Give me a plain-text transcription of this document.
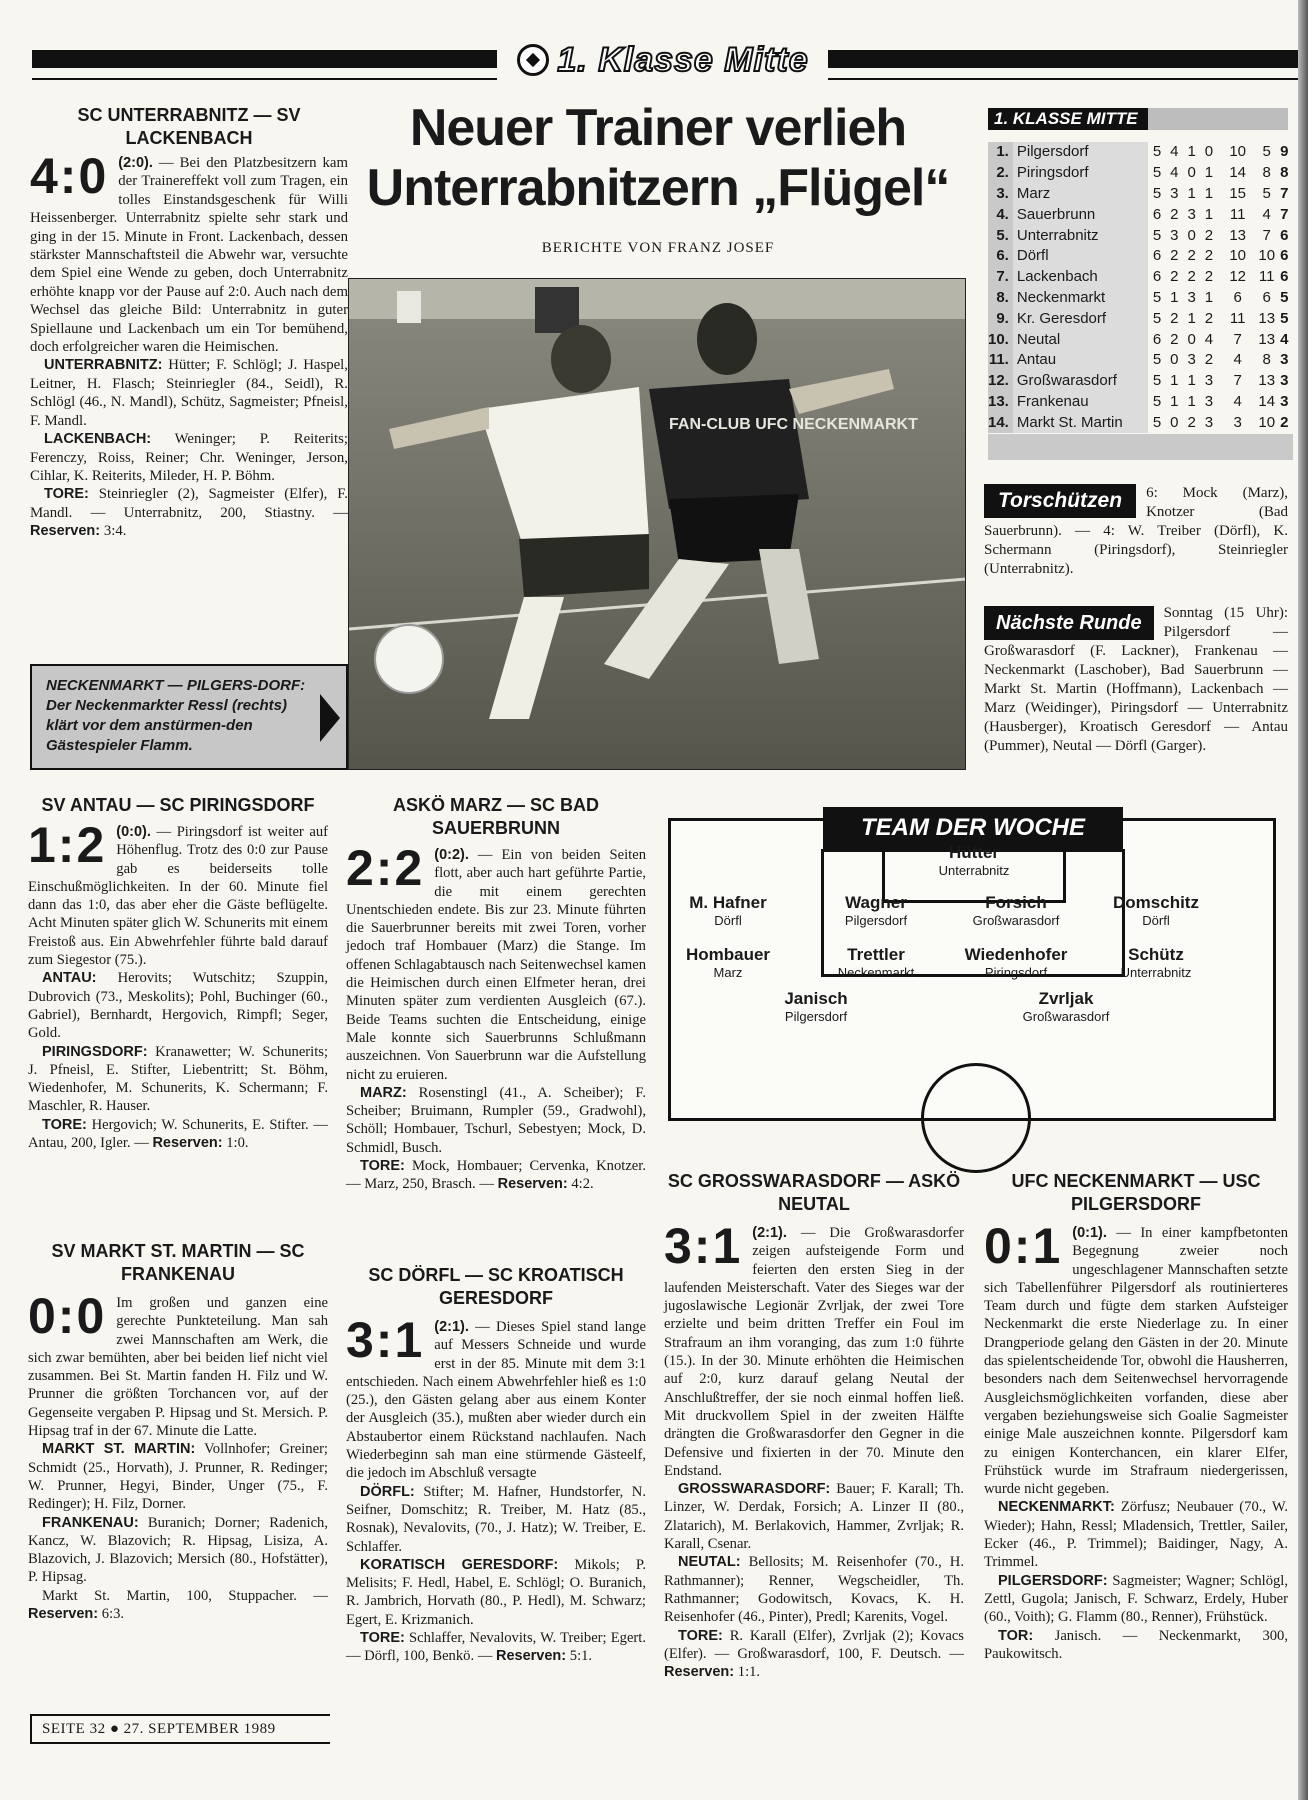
1. Klasse Mitte
SC UNTERRABNITZ — SV LACKENBACH

4:0 (2:0). — Bei den Platzbesitzern kam der Trainereffekt voll zum Tragen, ein tolles Einstandsgeschenk für Willi Heissenberger. Unterrabnitz spielte sehr stark und ging in der 15. Minute in Front. Lackenbach, dessen stärkster Mannschaftsteil die Abwehr war, versuchte dem Spiel eine Wende zu geben, doch Unterrabnitz erhöhte knapp vor der Pause auf 2:0. Auch nach dem Wechsel das gleiche Bild: Unterrabnitz in guter Spiellaune und Lackenbach um ein Tor bemühend, doch erfolgreicher waren die Heimischen.

UNTERRABNITZ: Hütter; F. Schlögl; J. Haspel, Leitner, H. Flasch; Steinriegler (84., Seidl), R. Schlögl (46., N. Mandl), Schütz, Sagmeister; Pfneisl, F. Mandl.

LACKENBACH: Weninger; P. Reiterits; Ferenczy, Roiss, Reiner; Chr. Weninger, Jerson, Cihlar, K. Reiterits, Mileder, H. P. Böhm.

TORE: Steinriegler (2), Sagmeister (Elfer), F. Mandl. — Unterrabnitz, 200, Stiastny. — Reserven: 3:4.

Neuer Trainer verlieh
Unterrabnitzern „Flügel“
BERICHTE VON FRANZ JOSEF
FAN-CLUB UFC NECKENMARKT
NECKENMARKT — PILGERS-DORF: Der Neckenmarkter Ressl (rechts) klärt vor dem anstürmen-den Gästespieler Flamm.
1. KLASSE MITTE
1.	Pilgersdorf	5	4	1	0	10	5	9
2.	Piringsdorf	5	4	0	1	14	8	8
3.	Marz	5	3	1	1	15	5	7
4.	Sauerbrunn	6	2	3	1	11	4	7
5.	Unterrabnitz	5	3	0	2	13	7	6
6.	Dörfl	6	2	2	2	10	10	6
7.	Lackenbach	6	2	2	2	12	11	6
8.	Neckenmarkt	5	1	3	1	6	6	5
9.	Kr. Geresdorf	5	2	1	2	11	13	5
10.	Neutal	6	2	0	4	7	13	4
11.	Antau	5	0	3	2	4	8	3
12.	Großwarasdorf	5	1	1	3	7	13	3
13.	Frankenau	5	1	1	3	4	14	3
14.	Markt St. Martin	5	0	2	3	3	10	2
Torschützen	6: Mock (Marz), Knotzer (Bad Sauerbrunn). — 4: W. Treiber (Dörfl), K. Schermann (Piringsdorf), Steinriegler (Unterrabnitz).
Nächste Runde	Sonntag (15 Uhr): Pilgersdorf — Großwarasdorf (F. Lackner), Frankenau — Neckenmarkt (Laschober), Bad Sauerbrunn — Markt St. Martin (Hoffmann), Lackenbach — Marz (Weidinger), Piringsdorf — Unterrabnitz (Hausberger), Kroatisch Geresdorf — Antau (Pummer), Neutal — Dörfl (Garger).
SV ANTAU — SC PIRINGSDORF

1:2 (0:0). — Piringsdorf ist weiter auf Höhenflug. Trotz des 0:0 zur Pause gab es beiderseits tolle Einschußmöglichkeiten. In der 60. Minute fiel dann das 1:0, das aber eher die Gäste beflügelte. Acht Minuten später glich W. Schunerits mit einem Freistoß aus. Ein Abwehrfehler führte bald darauf zum Siegestor (75.).

ANTAU: Herovits; Wutschitz; Szuppin, Dubrovich (73., Meskolits); Pohl, Buchinger (60., Gabriel), Bernhardt, Hergovich, Rimpfl; Seger, Gold.

PIRINGSDORF: Kranawetter; W. Schunerits; J. Pfneisl, E. Stifter, Liebentritt; St. Böhm, Wiedenhofer, M. Schunerits, K. Schermann; F. Maschler, R. Hauser.

TORE: Hergovich; W. Schunerits, E. Stifter. — Antau, 200, Igler. — Reserven: 1:0.

SV MARKT ST. MARTIN — SC FRANKENAU

0:0 Im großen und ganzen eine gerechte Punkteteilung. Man sah zwei Mannschaften am Werk, die sich zwar bemühten, aber bei beiden lief nicht viel zusammen. Bei St. Martin fanden H. Filz und W. Prunner die größten Torchancen vor, auf der Gegenseite vergaben P. Hipsag und St. Mersich. P. Hipsag traf in der 67. Minute die Latte.

MARKT ST. MARTIN: Vollnhofer; Greiner; Schmidt (25., Horvath), J. Prunner, R. Redinger; W. Prunner, Hegyi, Binder, Unger (75., F. Redinger); H. Filz, Dorner.

FRANKENAU: Buranich; Dorner; Radenich, Kancz, W. Blazovich; R. Hipsag, Lisiza, A. Blazovich, J. Blazovich; Mersich (80., Hofstätter), P. Hipsag.

Markt St. Martin, 100, Stuppacher. — Reserven: 6:3.

ASKÖ MARZ — SC BAD SAUERBRUNN

2:2 (0:2). — Ein von beiden Seiten flott, aber auch hart geführte Partie, die mit einem gerechten Unentschieden endete. Bis zur 23. Minute führten die Sauerbrunner bereits mit zwei Toren, vorher jedoch traf Hombauer (Marz) die Stange. Im offenen Schlagabtausch nach Seitenwechsel kamen die Heimischen durch einen Elfmeter heran, drei Minuten später zum verdienten Ausgleich (67.). Beide Teams suchten die Entscheidung, einige Male konnte sich Sauerbrunns Schlußmann auszeichnen. Von Sauerbrunn war die Aufstellung nicht zu eruieren.

MARZ: Rosenstingl (41., A. Scheiber); F. Scheiber; Bruimann, Rumpler (59., Gradwohl), Schöll; Hombauer, Tschurl, Sebestyen; Mock, D. Schmidl, Busch.

TORE: Mock, Hombauer; Cervenka, Knotzer. — Marz, 250, Brasch. — Reserven: 4:2.

SC DÖRFL — SC KROATISCH GERESDORF

3:1 (2:1). — Dieses Spiel stand lange auf Messers Schneide und wurde erst in der 85. Minute mit dem 3:1 entschieden. Nach einem Abwehrfehler hieß es 1:0 (25.), den Gästen gelang aber aus einem Konter der Ausgleich (35.), mußten aber wieder durch ein Abstaubertor einem Rückstand nachlaufen. Nach Wiederbeginn sah man eine stürmende Gästeelf, die jedoch im Abschluß versagte

DÖRFL: Stifter; M. Hafner, Hundstorfer, N. Seifner, Domschitz; R. Treiber, M. Hatz (85., Rosnak), Nevalovits, (70., J. Hatz); W. Treiber, E. Schlaffer.

KORATISCH GERESDORF: Mikols; P. Melisits; F. Hedl, Habel, E. Schlögl; O. Buranich, R. Jambrich, Horvath (80., P. Hedl), M. Schwarz; Egert, E. Krizmanich.

TORE: Schlaffer, Nevalovits, W. Treiber; Egert. — Dörfl, 100, Benkö. — Reserven: 5:1.

TEAM DER WOCHE
Hütter
Unterrabnitz
M. Hafner
Dörfl
Wagner
Pilgersdorf
Forsich
Großwarasdorf
Domschitz
Dörfl
Hombauer
Marz
Trettler
Neckenmarkt
Wiedenhofer
Piringsdorf
Schütz
Unterrabnitz
Janisch
Pilgersdorf
Zvrljak
Großwarasdorf
SC GROSSWARASDORF — ASKÖ NEUTAL

3:1 (2:1). — Die Großwarasdorfer zeigen aufsteigende Form und feierten den ersten Sieg in der laufenden Meisterschaft. Vater des Sieges war der jugoslawische Legionär Zvrljak, der zwei Tore erzielte und beim dritten Treffer ein Foul im Strafraum an ihm voranging, das zum 1:0 führte (15.). In der 30. Minute erhöhten die Heimischen auf 2:0, kurz darauf gelang Neutal der Anschlußtreffer, der sie noch einmal hoffen ließ. Mit druckvollem Spiel in der zweiten Hälfte drängten die Großwarasdorfer den Gegner in die Defensive und fixierten in der 70. Minute den Endstand.

GROSSWARASDORF: Bauer; F. Karall; Th. Linzer, W. Derdak, Forsich; A. Linzer II (80., Zlatarich), M. Berlakovich, Hammer, Zvrljak; R. Karall, Csenar.

NEUTAL: Bellosits; M. Reisenhofer (70., H. Rathmanner); Renner, Wegscheidler, Th. Rathmanner; Godowitsch, Kovacs, K. H. Reisenhofer (46., Pinter), Predl; Karenits, Vogel.

TORE: R. Karall (Elfer), Zvrljak (2); Kovacs (Elfer). — Großwarasdorf, 100, F. Deutsch. — Reserven: 1:1.

UFC NECKENMARKT — USC PILGERSDORF

0:1 (0:1). — In einer kampfbetonten Begegnung zweier noch ungeschlagener Mannschaften setzte sich Tabellenführer Pilgersdorf als routinierteres Team durch und fügte dem starken Aufsteiger Neckenmarkt die erste Niederlage zu. In einer Drangperiode gelang den Gästen in der 20. Minute das spielentscheidende Tor, obwohl die Hausherren, besonders nach dem Seitenwechsel hervorragende Ausgleichsmöglichkeiten vorfanden, diese aber vergaben beziehungsweise sich Goalie Sagmeister einige Male auszeichnen konnte. Pilgersdorf kam zu einigen Konterchancen, ein klarer Elfer, Frühstück wurde im Strafraum niedergerissen, wurde nicht gegeben.

NECKENMARKT: Zörfusz; Neubauer (70., W. Wieder); Hahn, Ressl; Mladensich, Trettler, Sailer, Ecker (46., P. Trimmel); Baidinger, Nagy, A. Trimmel.

PILGERSDORF: Sagmeister; Wagner; Schlögl, Zettl, Gugola; Janisch, F. Schwarz, Erdely, Huber (60., Voith); G. Flamm (80., Renner), Frühstück.

TOR: Janisch. — Neckenmarkt, 300, Paukowitsch.

SEITE 32 ● 27. SEPTEMBER 1989
